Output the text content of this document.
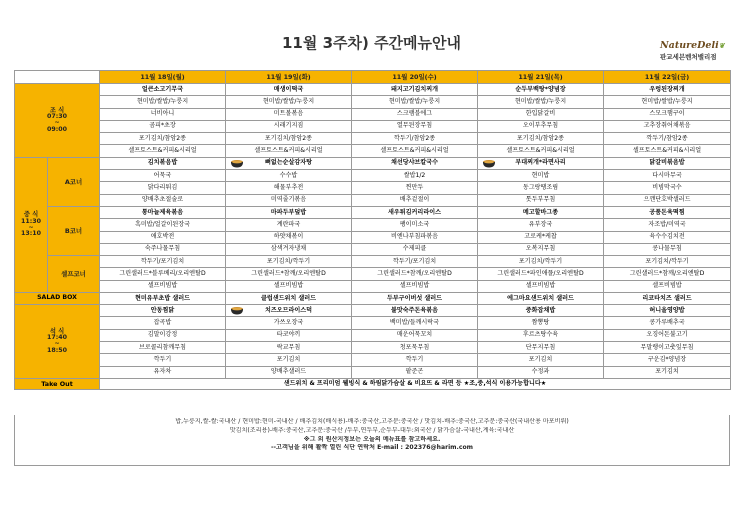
11월 3주차) 주간메뉴안내	NatureDeli❦
판교세븐벤처밸리점
		11월 18일(월)	11월 19일(화)	11월 20일(수)	11월 21일(목)	11월 22일(금)

조 식
07:30
~
09:00		얼큰소고기무국	매생이떡국	돼지고기김치찌개	순두부백탕*양념장	우렁된장찌개
		현미밥/쌀밥/누룽지	현미밥/쌀밥/누룽지	현미밥/쌀밥/누룽지	현미밥/쌀밥/누룽지	현미밥/쌀밥/누룽지
		너비아니	미트볼볶음	스크램블에그	한입닭갈비	스모크햄구이
		곰피*초장	시래기지짐	열무된장무침	오이부추무침	고추장취어채볶음
		포기김치/참암2종	포기김치/참암2종	깍두기/참암2종	포기김치/참암2종	깍두기/참암2종
		셀프토스트&커피&시리얼	셀프토스트&커피&시리얼	셀프토스트&커피&시리얼	셀프토스트&커피&시리얼	셀프토스트&커피&시리얼

중 식
11:30
~
13:10	A코너	김치볶음밥	뼈없는순살감자탕	채선당샤브칼국수	부대찌개*라면사리	닭갈비볶음밥
		어묵국	수수밥	쌀밥1/2	현미밥	다시마무국
		닭다리튀김	해물부추전	찐만두	동그랑땡조림	비빔막국수
		양배추초절술로	미역줄기볶음	배추겉절이	톳두부무침	으깬단호박샐러드
	B코너	통마늘제육볶음	마파두부덮밥	새우튀김커리라이스	메고할바그종	공품돈육떡찜
		흑미밥/얼갈이된장국	계란파국	팽이미소국	유부장국	자조밥/미역국
		애호박전	하얏채볶이	비엔나부침파볶음	고로케*케찹	육수수김치전
		숙주나물무침	삼색겨자냉채	수제피클	오복지무침	콩나물무침
	셀프코너	깍두기/포기김치	포기김치/깍두기	깍두기/포기김치	포기김치/깍두기	포기김치/깍두기
		그린샐러드*블루베리/오리엔탈D	그린샐러드*참깨/오리엔탈D	그린샐러드*참깨/오리엔탈D	그린샐러드*파인애플/오리엔탈D	그린샐러드*참깨/오리엔탈D
		셀프비빔밥	셀프비빔밥	셀프비빔밥	셀프비빔밥	셀프비빔밥
SALAD BOX		현미유부초밥 샐러드	클럽샌드위치 샐러드	두부구이버섯 샐러드	에그마요샌드위치 샐러드	리코타치즈 샐러드

석 식
17:40
~
18:50		안동찜닭	치즈오므라이스덕	불맛숙주돈육볶음	중화잡채밥	허니올영양밥
		잡곡밥	가쓰오장국	백미밥/들깨시락국	짬뽕탕	콩가루배추국
		김말이강정	타코야끼	매운어묵꼬치	후르츠탕수육	오징어돈불고기
		브로콜리참깨무침	락교무침	청포묵무침	단무지무침	무말랭이고춧잎무침
		깍두기	포기김치	깍두기	포기김치	구운김*양념장
		유자차	양배추샐러드	팥준곤	수정과	포기김치
Take Out		샌드위치 & 프리미엄 웰빙식 & 하림닭가슴살 & 비요뜨 & 라면 등 ★조,중,석식 이용가능합니다★				
밥,누룽지,쌀-쌀:국내산 / 현미밥:현미-국내산 / 배추김치(배식용)-배추:중국산,고추분:중국산 / 맛김치-배추:중국산,고추분:중국산(국내산용 마포비뤼)
맛김치(조리용)-배추:중국산,고추분:중국산 /두부,연두부,순두부-대두:외국산 / 닭가슴살-국내산,계육:국내산
※그 외 원산지정보는 오늘의 메뉴표를 참고하세요.
--고객님을 위해 활짝 열린 식단 연락처 E-mail : 202376@harim.com
